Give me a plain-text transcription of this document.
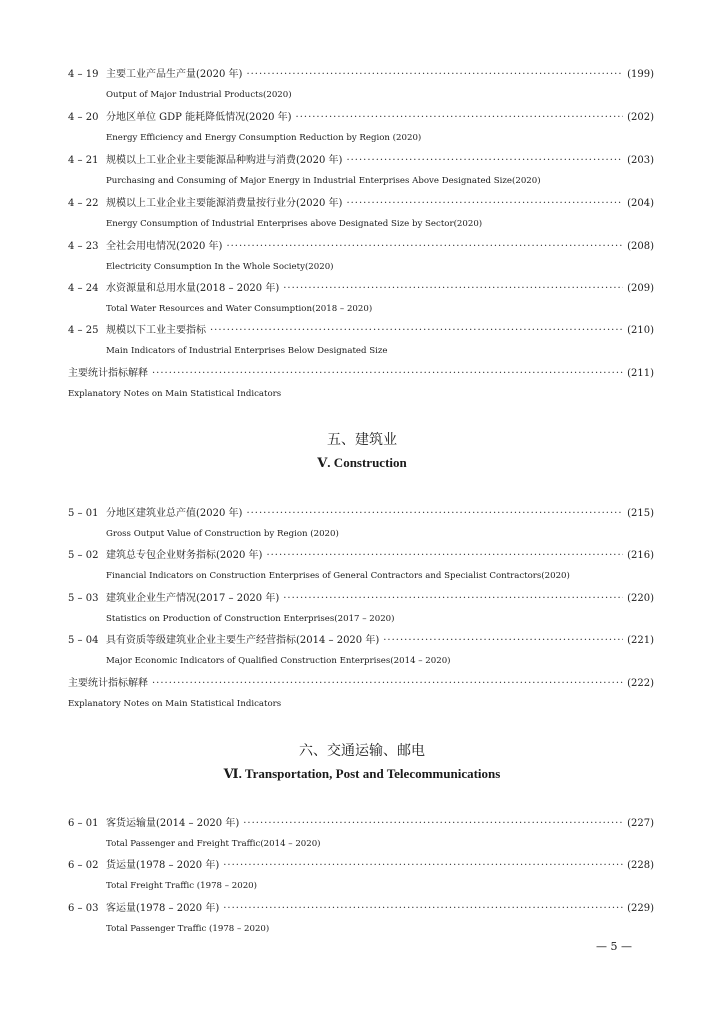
4 – 19 主要工业产品生产量(2020 年) ·····	(199)
Output of Major Industrial Products(2020)
4 – 20 分地区单位 GDP 能耗降低情况(2020 年) ·····	(202)
Energy Efficiency and Energy Consumption Reduction by Region (2020)
4 – 21 规模以上工业企业主要能源品种购进与消费(2020 年) ·····	(203)
Purchasing and Consuming of Major Energy in Industrial Enterprises Above Designated Size(2020)
4 – 22 规模以上工业企业主要能源消费量按行业分(2020 年) ·····	(204)
Energy Consumption of Industrial Enterprises above Designated Size by Sector(2020)
4 – 23 全社会用电情况(2020 年) ·····	(208)
Electricity Consumption In the Whole Society(2020)
4 – 24 水资源量和总用水量(2018 – 2020 年) ·····	(209)
Total Water Resources and Water Consumption(2018 – 2020)
4 – 25 规模以下工业主要指标 ·····	(210)
Main Indicators of Industrial Enterprises Below Designated Size
主要统计指标解释 ·····	(211)
Explanatory Notes on Main Statistical Indicators
五、建筑业
Ⅴ. Construction
5 – 01 分地区建筑业总产值(2020 年) ·····	(215)
Gross Output Value of Construction by Region (2020)
5 – 02 建筑总专包企业财务指标(2020 年) ·····	(216)
Financial Indicators on Construction Enterprises of General Contractors and Specialist Contractors(2020)
5 – 03 建筑业企业生产情况(2017 – 2020 年) ·····	(220)
Statistics on Production of Construction Enterprises(2017 – 2020)
5 – 04 具有资质等级建筑业企业主要生产经营指标(2014 – 2020 年) ·····	(221)
Major Economic Indicators of Qualified Construction Enterprises(2014 – 2020)
主要统计指标解释 ·····	(222)
Explanatory Notes on Main Statistical Indicators
六、交通运输、邮电
Ⅵ. Transportation, Post and Telecommunications
6 – 01 客货运输量(2014 – 2020 年) ·····	(227)
Total Passenger and Freight Traffic(2014 – 2020)
6 – 02 货运量(1978 – 2020 年) ·····	(228)
Total Freight Traffic (1978 – 2020)
6 – 03 客运量(1978 – 2020 年) ·····	(229)
Total Passenger Traffic (1978 – 2020)
— 5 —
